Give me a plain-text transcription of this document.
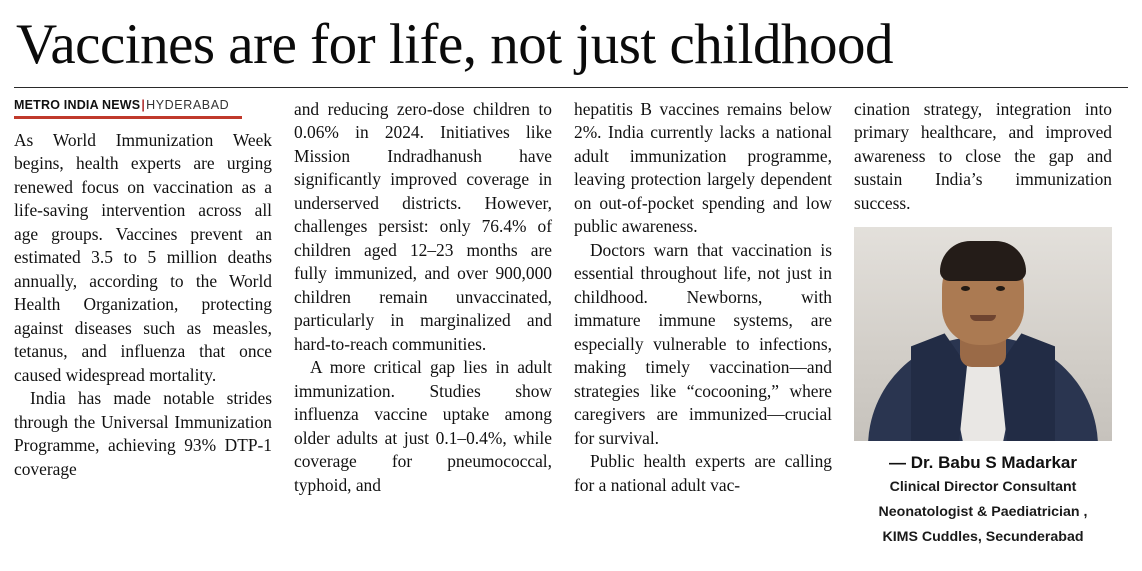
Vaccines are for life, not just childhood
METRO INDIA NEWS|HYDERABAD

As World Immunization Week begins, health experts are urging renewed focus on vaccination as a life-saving intervention across all age groups. Vaccines prevent an estimated 3.5 to 5 million deaths annually, according to the World Health Organization, protecting against diseases such as measles, tetanus, and influenza that once caused widespread mortality.

India has made notable strides through the Universal Immunization Programme, achieving 93% DTP-1 coverage

and reducing zero-dose children to 0.06% in 2024. Initiatives like Mission Indradhanush have significantly improved coverage in underserved districts. However, challenges persist: only 76.4% of children aged 12–23 months are fully immunized, and over 900,000 children remain unvaccinated, particularly in marginalized and hard-to-reach communities.

A more critical gap lies in adult immunization. Studies show influenza vaccine uptake among older adults at just 0.1–0.4%, while coverage for pneumococcal, typhoid, and

hepatitis B vaccines remains below 2%. India currently lacks a national adult immunization programme, leaving protection largely dependent on out-of-pocket spending and low public awareness.

Doctors warn that vaccination is essential throughout life, not just in childhood. Newborns, with immature immune systems, are especially vulnerable to infections, making timely vaccination—and strategies like “cocooning,” where caregivers are immunized—crucial for survival.

Public health experts are calling for a national adult vac-

cination strategy, integration into primary healthcare, and improved awareness to close the gap and sustain India’s immunization success.

— Dr. Babu S Madarkar
Clinical Director Consultant
Neonatologist & Paediatrician ,
KIMS Cuddles, Secunderabad
